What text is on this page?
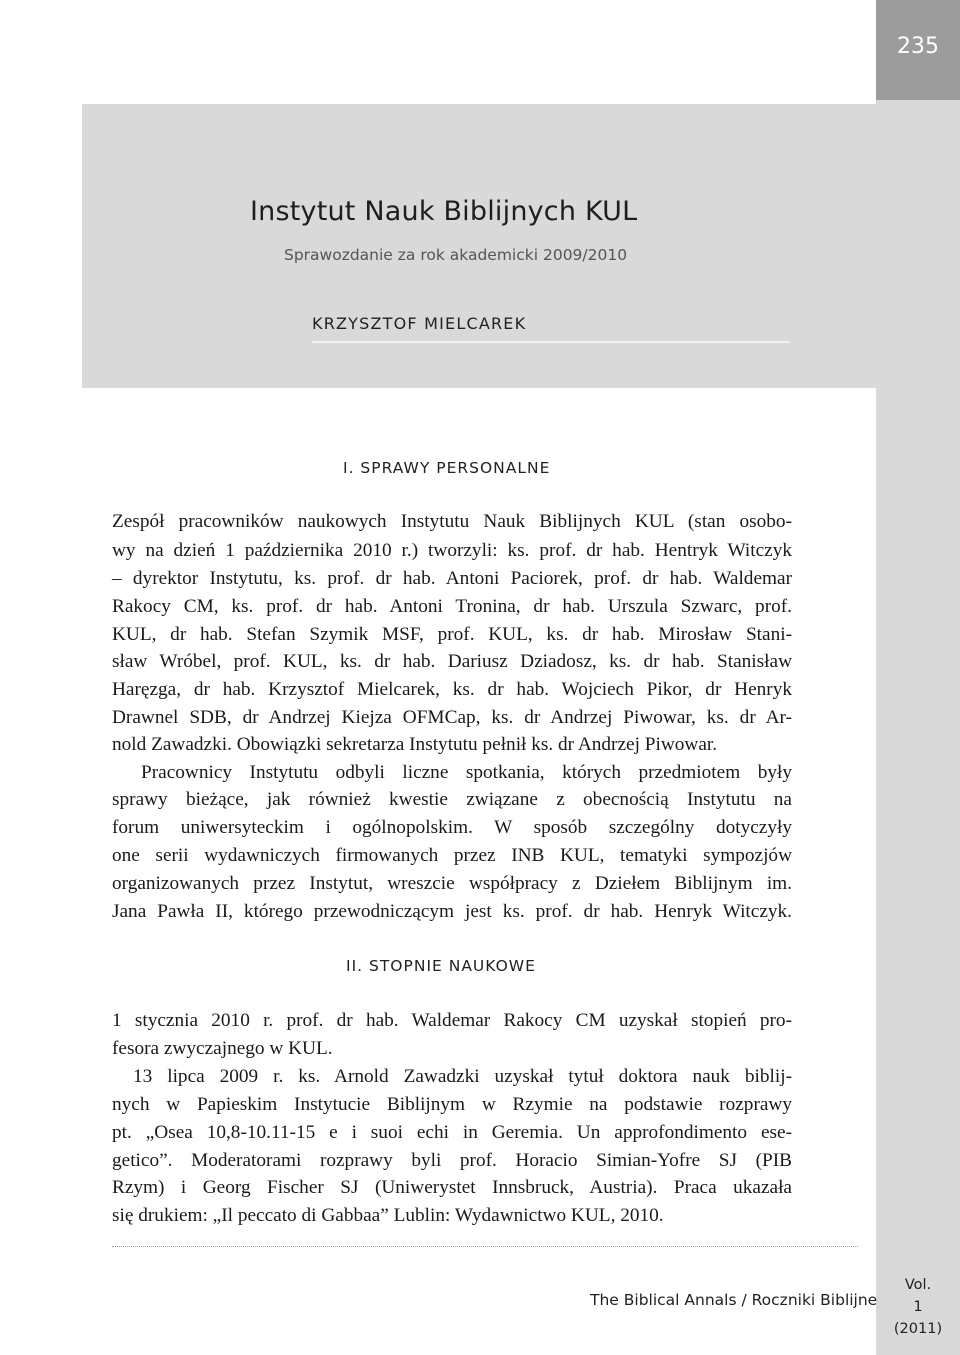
235
Instytut Nauk Biblijnych KUL
Sprawozdanie za rok akademicki 2009/2010
KRZYSZTOF MIELCAREK
I. SPRAWY PERSONALNE
Zespół pracowników naukowych Instytutu Nauk Biblijnych KUL (stan osobo-
wy na dzień 1 października 2010 r.) tworzyli: ks. prof. dr hab. Hentryk Witczyk
– dyrektor Instytutu, ks. prof. dr hab. Antoni Paciorek, prof. dr hab. Waldemar
Rakocy CM, ks. prof. dr hab. Antoni Tronina, dr hab. Urszula Szwarc, prof.
KUL, dr hab. Stefan Szymik MSF, prof. KUL, ks. dr hab. Mirosław Stani-
sław Wróbel, prof. KUL, ks. dr hab. Dariusz Dziadosz, ks. dr hab. Stanisław
Haręzga, dr hab. Krzysztof Mielcarek, ks. dr hab. Wojciech Pikor, dr Henryk
Drawnel SDB, dr Andrzej Kiejza OFMCap, ks. dr Andrzej Piwowar, ks. dr Ar-
nold Zawadzki. Obowiązki sekretarza Instytutu pełnił ks. dr Andrzej Piwowar.
Pracownicy Instytutu odbyli liczne spotkania, których przedmiotem były
sprawy bieżące, jak również kwestie związane z obecnością Instytutu na
forum uniwersyteckim i ogólnopolskim. W sposób szczególny dotyczyły
one serii wydawniczych firmowanych przez INB KUL, tematyki sympozjów
organizowanych przez Instytut, wreszcie współpracy z Dziełem Biblijnym im.
Jana Pawła II, którego przewodniczącym jest ks. prof. dr hab. Henryk Witczyk.
II. STOPNIE NAUKOWE
1 stycznia 2010 r. prof. dr hab. Waldemar Rakocy CM uzyskał stopień pro-
fesora zwyczajnego w KUL.
13 lipca 2009 r. ks. Arnold Zawadzki uzyskał tytuł doktora nauk biblij-
nych w Papieskim Instytucie Biblijnym w Rzymie na podstawie rozprawy
pt. „Osea 10,8-10.11-15 e i suoi echi in Geremia. Un approfondimento ese-
getico”. Moderatorami rozprawy byli prof. Horacio Simian-Yofre SJ (PIB
Rzym) i Georg Fischer SJ (Uniwerystet Innsbruck, Austria). Praca ukazała
się drukiem: „Il peccato di Gabbaa” Lublin: Wydawnictwo KUL, 2010.
The Biblical Annals / Roczniki Biblijne
Vol.
1
(2011)
